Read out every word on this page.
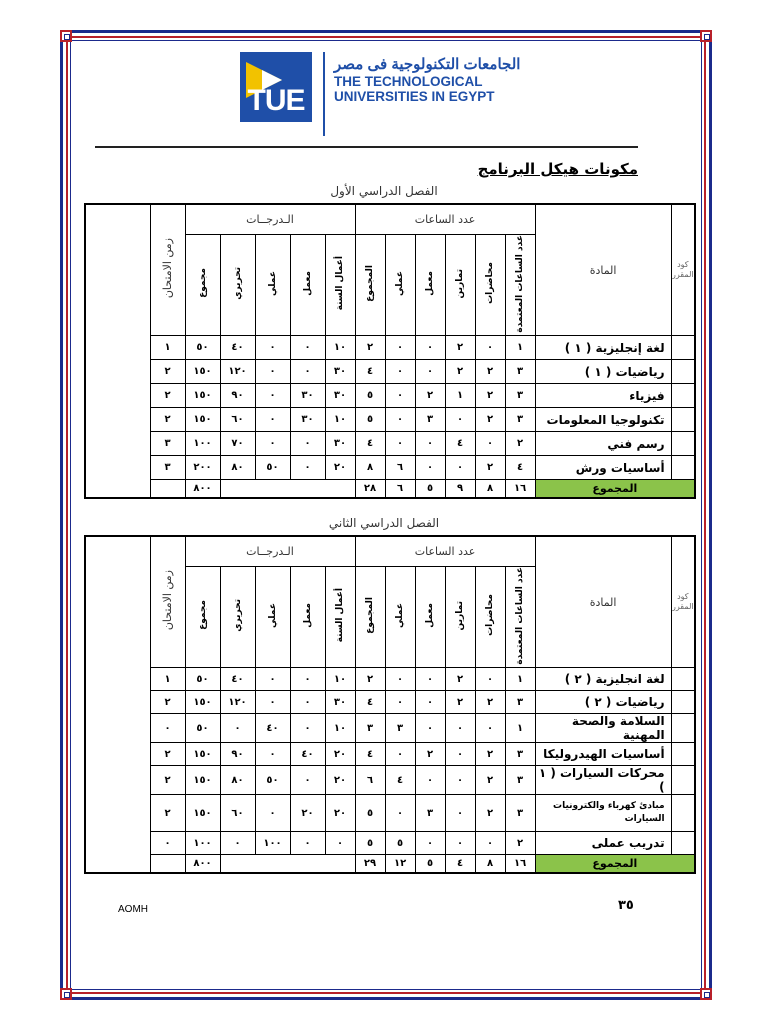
TUE
الجامعات التكنولوجية فى مصر
THE TECHNOLOGICAL
UNIVERSITIES IN EGYPT
مكونات هيكل البرنامج
الفصل الدراسي الأول
كود المقرر	المادة	عدد الساعات						الـدرجــات					زمن الامتحان
		عدد الساعات المعتمدة	محاضرات	تمارين	معمل	عملي	المجموع	أعمال السنة	معمل	عملي	تحريري	مجموع	
	لغة إنجليزية ( ١ )	١	٠	٢	٠	٠	٢	١٠	٠	٠	٤٠	٥٠	١
	رياضيات ( ١ )	٣	٢	٢	٠	٠	٤	٣٠	٠	٠	١٢٠	١٥٠	٢
	فيزياء	٣	٢	١	٢	٠	٥	٣٠	٣٠	٠	٩٠	١٥٠	٢
	تكنولوجيا المعلومات	٣	٢	٠	٣	٠	٥	١٠	٣٠	٠	٦٠	١٥٠	٢
	رسم فني	٢	٠	٤	٠	٠	٤	٣٠	٠	٠	٧٠	١٠٠	٣
	أساسيات ورش	٤	٢	٠	٠	٦	٨	٢٠	٠	٥٠	٨٠	٢٠٠	٣
المجموع		١٦	٨	٩	٥	٦	٢٨					٨٠٠	
الفصل الدراسي الثاني
كود المقرر	المادة	عدد الساعات						الـدرجــات					زمن الامتحان
		عدد الساعات المعتمدة	محاضرات	تمارين	معمل	عملي	المجموع	أعمال السنة	معمل	عملي	تحريري	مجموع	
	لغة انجليزية ( ٢ )	١	٠	٢	٠	٠	٢	١٠	٠	٠	٤٠	٥٠	١
	رياضيات ( ٢ )	٣	٢	٢	٠	٠	٤	٣٠	٠	٠	١٢٠	١٥٠	٢
	السلامة والصحة المهنية	١	٠	٠	٠	٣	٣	١٠	٠	٤٠	٠	٥٠	٠
	أساسيات الهيدروليكا	٣	٢	٠	٢	٠	٤	٢٠	٤٠	٠	٩٠	١٥٠	٢
	محركات السيارات ( ١ )	٣	٢	٠	٠	٤	٦	٢٠	٠	٥٠	٨٠	١٥٠	٢
	مبادئ كهرباء والكترونيات السيارات	٣	٢	٠	٣	٠	٥	٢٠	٢٠	٠	٦٠	١٥٠	٢
	تدريب عملى	٢	٠	٠	٠	٥	٥	٠	٠	١٠٠	٠	١٠٠	٠
المجموع		١٦	٨	٤	٥	١٢	٢٩					٨٠٠	
AOMH	٣٥
